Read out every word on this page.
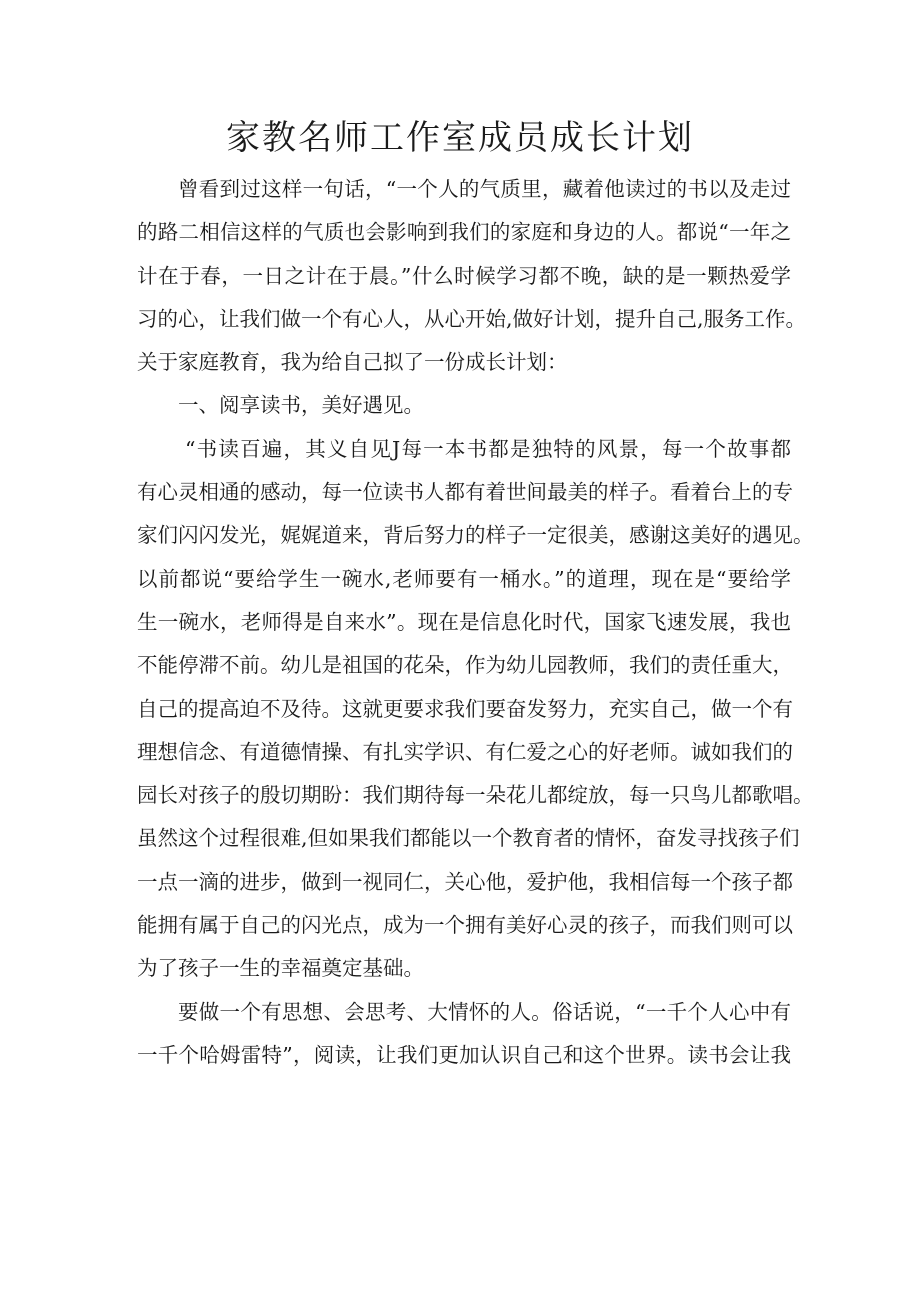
家教名师工作室成员成长计划
曾看到过这样一句话，“一个人的气质里，藏着他读过的书以及走过
的路二相信这样的气质也会影响到我们的家庭和身边的人。都说“一年之
计在于春，一日之计在于晨。”什么时候学习都不晚，缺的是一颗热爱学
习的心，让我们做一个有心人，从心开始,做好计划，提升自己,服务工作。
关于家庭教育，我为给自己拟了一份成长计划：
一、阅享读书，美好遇见。
“书读百遍，其义自见J每一本书都是独特的风景，每一个故事都
有心灵相通的感动，每一位读书人都有着世间最美的样子。看着台上的专
家们闪闪发光，娓娓道来，背后努力的样子一定很美，感谢这美好的遇见。
以前都说“要给学生一碗水,老师要有一桶水。”的道理，现在是“要给学
生一碗水，老师得是自来水”。现在是信息化时代，国家飞速发展，我也
不能停滞不前。幼儿是祖国的花朵，作为幼儿园教师，我们的责任重大，
自己的提高迫不及待。这就更要求我们要奋发努力，充实自己，做一个有
理想信念、有道德情操、有扎实学识、有仁爱之心的好老师。诚如我们的
园长对孩子的殷切期盼：我们期待每一朵花儿都绽放，每一只鸟儿都歌唱。
虽然这个过程很难,但如果我们都能以一个教育者的情怀，奋发寻找孩子们
一点一滴的进步，做到一视同仁，关心他，爱护他，我相信每一个孩子都
能拥有属于自己的闪光点，成为一个拥有美好心灵的孩子，而我们则可以
为了孩子一生的幸福奠定基础。
要做一个有思想、会思考、大情怀的人。俗话说，“一千个人心中有
一千个哈姆雷特”，阅读，让我们更加认识自己和这个世界。读书会让我
